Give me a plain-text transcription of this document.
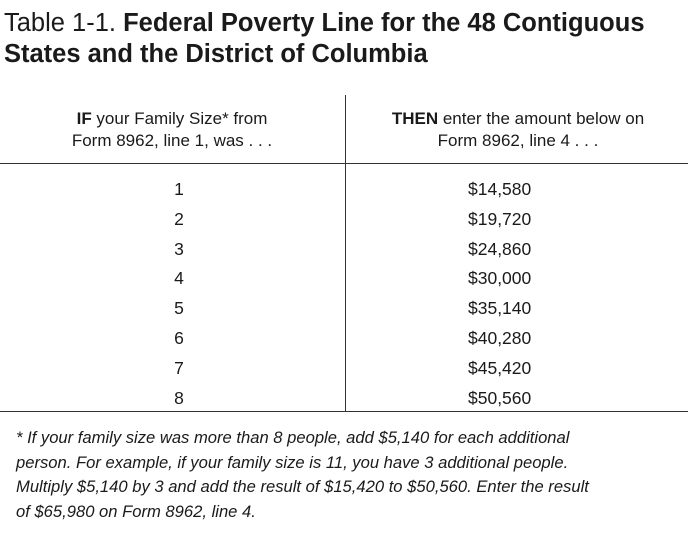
Table 1-1. Federal Poverty Line for the 48 Contiguous States and the District of Columbia
IF your Family Size* from
Form 8962, line 1, was . . .
THEN enter the amount below on
Form 8962, line 4 . . .
1	$14,580
2	$19,720
3	$24,860
4	$30,000
5	$35,140
6	$40,280
7	$45,420
8	$50,560
* If your family size was more than 8 people, add $5,140 for each additional
person. For example, if your family size is 11, you have 3 additional people.
Multiply $5,140 by 3 and add the result of $15,420 to $50,560. Enter the result
of $65,980 on Form 8962, line 4.
